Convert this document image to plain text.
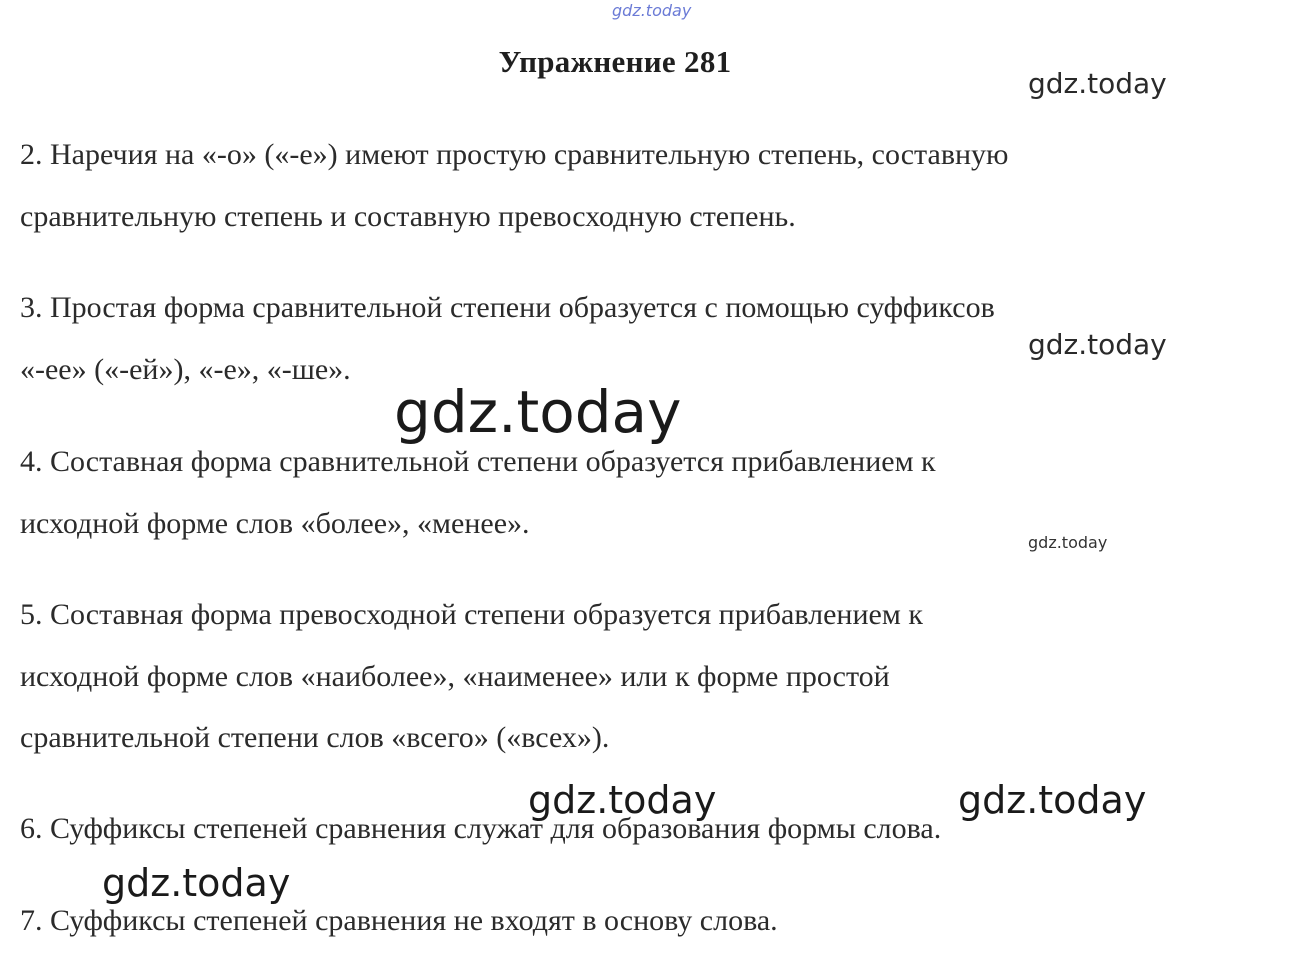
gdz.today
Упражнение 281
gdz.today
2. Наречия на «-о» («-е») имеют простую сравнительную степень, составную
сравнительную степень и составную превосходную степень.
3. Простая форма сравнительной степени образуется с помощью суффиксов
gdz.today
«-ее» («-ей»), «-е», «-ше».
gdz.today
4. Составная форма сравнительной степени образуется прибавлением к
исходной форме слов «более», «менее».
gdz.today
5. Составная форма превосходной степени образуется прибавлением к
исходной форме слов «наиболее», «наименее» или к форме простой
сравнительной степени слов «всего» («всех»).
gdz.today	gdz.today
6. Суффиксы степеней сравнения служат для образования формы слова.
gdz.today
7. Суффиксы степеней сравнения не входят в основу слова.
